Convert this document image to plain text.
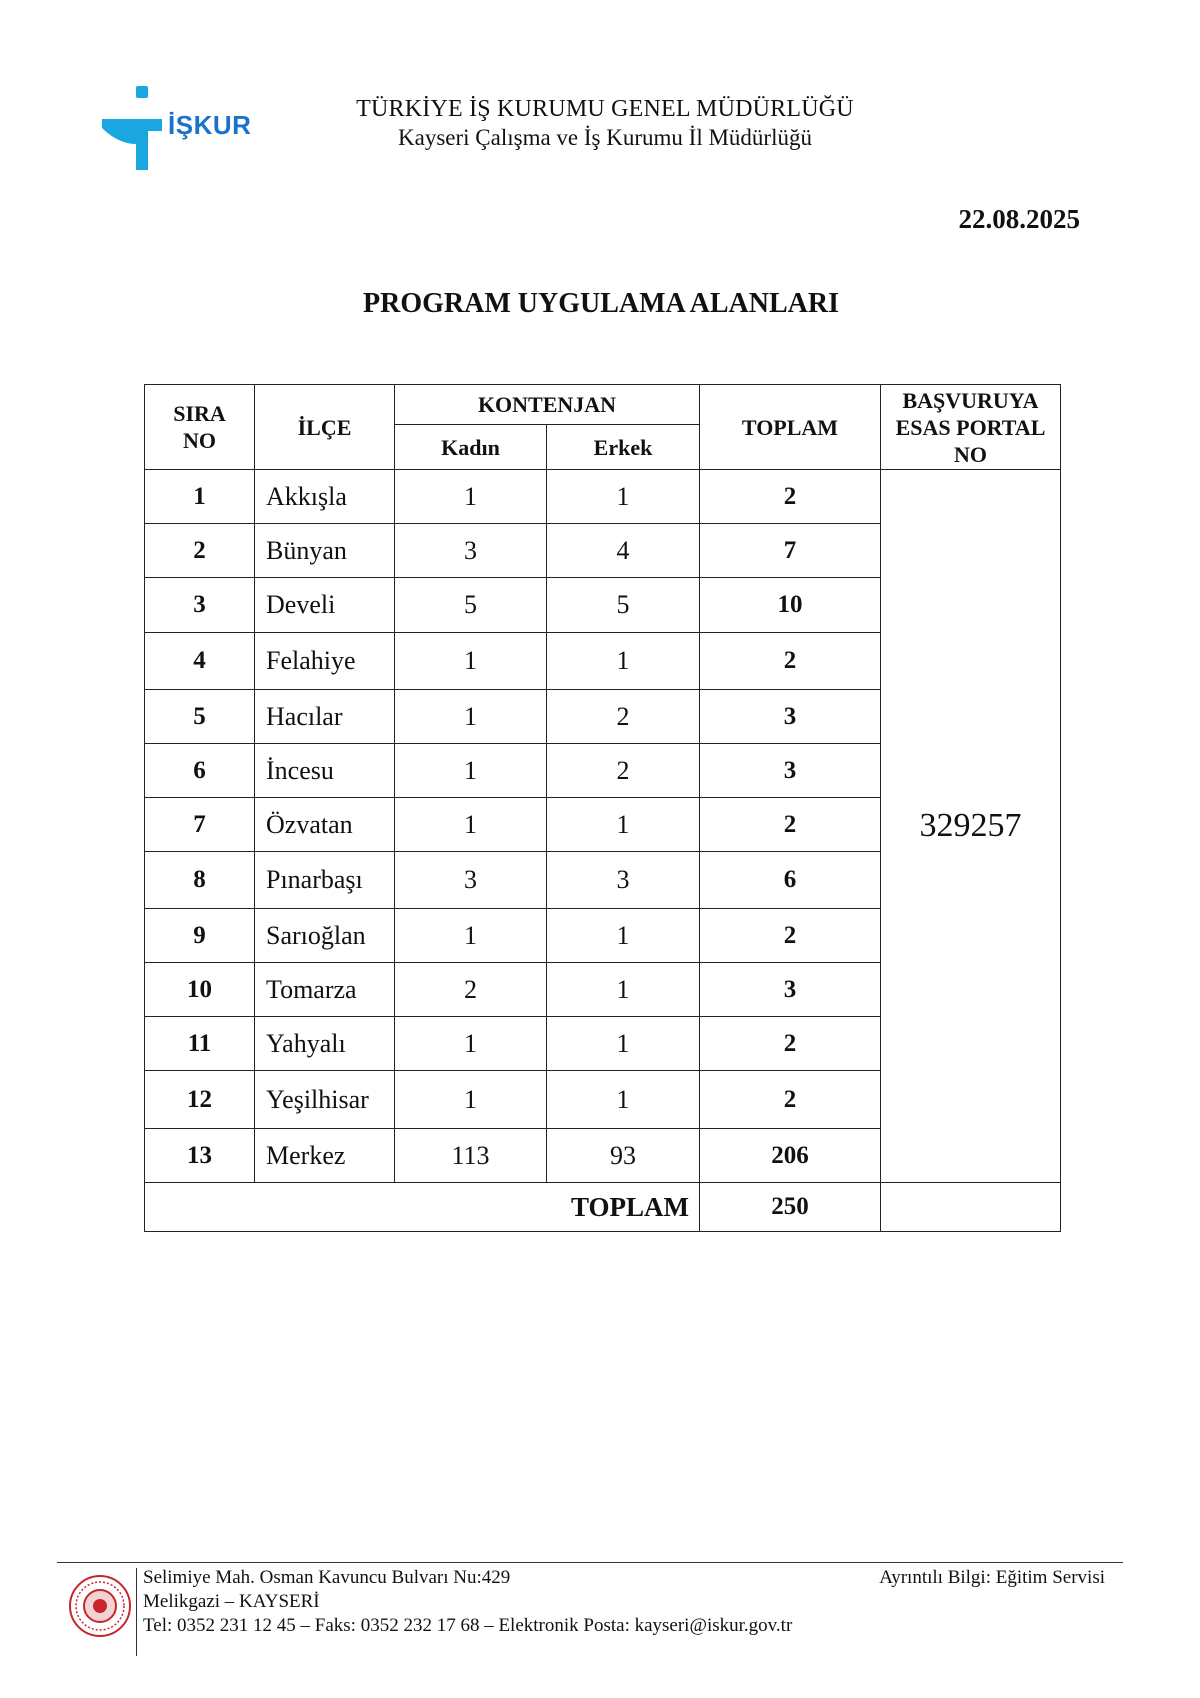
İŞKUR
TÜRKİYE İŞ KURUMU GENEL MÜDÜRLÜĞÜ
Kayseri Çalışma ve İş Kurumu İl Müdürlüğü
22.08.2025
PROGRAM UYGULAMA ALANLARI
SIRA NO	İLÇE	KONTENJAN		TOPLAM	BAŞVURUYA ESAS PORTAL NO
		Kadın	Erkek		
1	Akkışla	1	1	2	329257
2	Bünyan	3	4	7	
3	Develi	5	5	10	
4	Felahiye	1	1	2	
5	Hacılar	1	2	3	
6	İncesu	1	2	3	
7	Özvatan	1	1	2	
8	Pınarbaşı	3	3	6	
9	Sarıoğlan	1	1	2	
10	Tomarza	2	1	3	
11	Yahyalı	1	1	2	
12	Yeşilhisar	1	1	2	
13	Merkez	113	93	206	
TOPLAM				250	
Selimiye Mah. Osman Kavuncu Bulvarı Nu:429
Melikgazi – KAYSERİ
Tel: 0352 231 12 45 – Faks: 0352 232 17 68 – Elektronik Posta: kayseri@iskur.gov.tr
Ayrıntılı Bilgi: Eğitim Servisi
